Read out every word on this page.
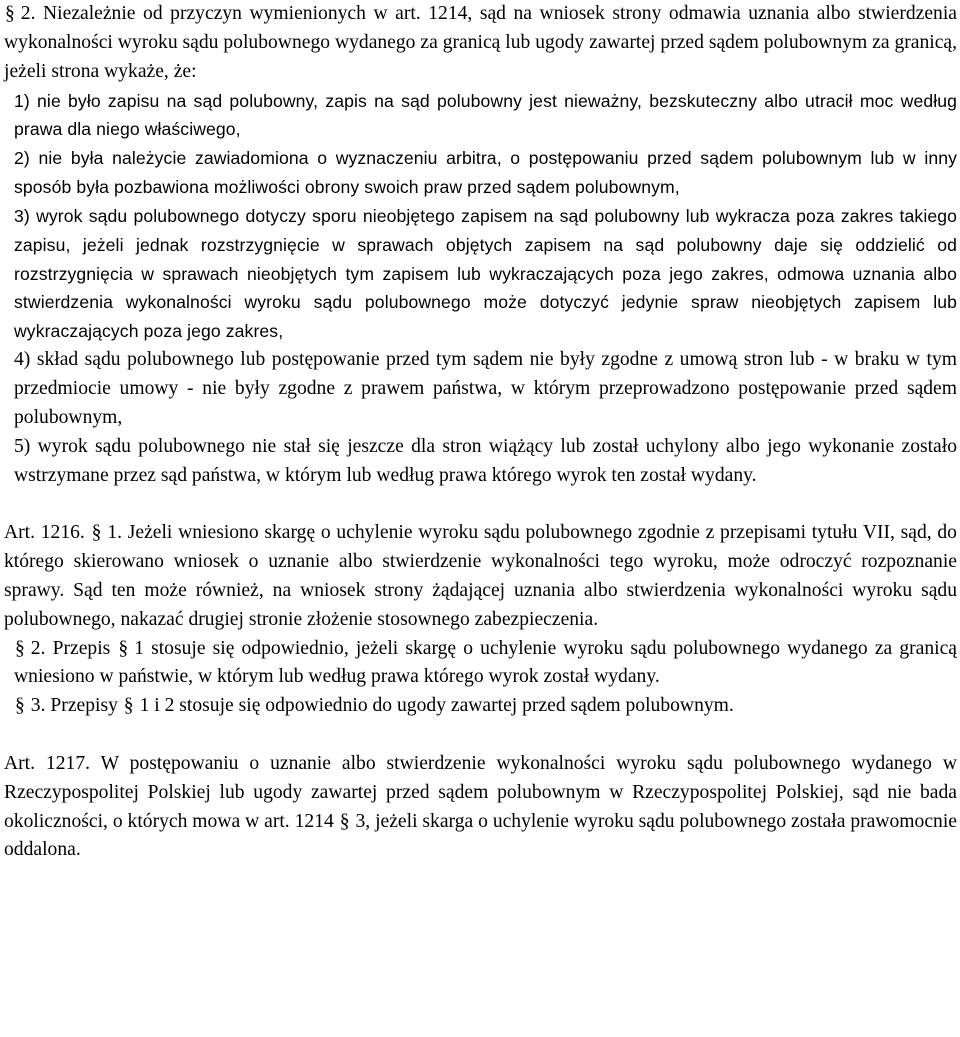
§ 2. Niezależnie od przyczyn wymienionych w art. 1214, sąd na wniosek strony odmawia uznania albo stwierdzenia wykonalności wyroku sądu polubownego wydanego za granicą lub ugody zawartej przed sądem polubownym za granicą, jeżeli strona wykaże, że:
1) nie było zapisu na sąd polubowny, zapis na sąd polubowny jest nieważny, bezskuteczny albo utracił moc według prawa dla niego właściwego,
2) nie była należycie zawiadomiona o wyznaczeniu arbitra, o postępowaniu przed sądem polubownym lub w inny sposób była pozbawiona możliwości obrony swoich praw przed sądem polubownym,
3) wyrok sądu polubownego dotyczy sporu nieobjętego zapisem na sąd polubowny lub wykracza poza zakres takiego zapisu, jeżeli jednak rozstrzygnięcie w sprawach objętych zapisem na sąd polubowny daje się oddzielić od rozstrzygnięcia w sprawach nieobjętych tym zapisem lub wykraczających poza jego zakres, odmowa uznania albo stwierdzenia wykonalności wyroku sądu polubownego może dotyczyć jedynie spraw nieobjętych zapisem lub wykraczających poza jego zakres,
4) skład sądu polubownego lub postępowanie przed tym sądem nie były zgodne z umową stron lub - w braku w tym przedmiocie umowy - nie były zgodne z prawem państwa, w którym przeprowadzono postępowanie przed sądem polubownym,
5) wyrok sądu polubownego nie stał się jeszcze dla stron wiążący lub został uchylony albo jego wykonanie zostało wstrzymane przez sąd państwa, w którym lub według prawa którego wyrok ten został wydany.
Art. 1216. § 1. Jeżeli wniesiono skargę o uchylenie wyroku sądu polubownego zgodnie z przepisami tytułu VII, sąd, do którego skierowano wniosek o uznanie albo stwierdzenie wykonalności tego wyroku, może odroczyć rozpoznanie sprawy. Sąd ten może również, na wniosek strony żądającej uznania albo stwierdzenia wykonalności wyroku sądu polubownego, nakazać drugiej stronie złożenie stosownego zabezpieczenia.
§ 2. Przepis § 1 stosuje się odpowiednio, jeżeli skargę o uchylenie wyroku sądu polubownego wydanego za granicą wniesiono w państwie, w którym lub według prawa którego wyrok został wydany.
§ 3. Przepisy § 1 i 2 stosuje się odpowiednio do ugody zawartej przed sądem polubownym.
Art. 1217. W postępowaniu o uznanie albo stwierdzenie wykonalności wyroku sądu polubownego wydanego w Rzeczypospolitej Polskiej lub ugody zawartej przed sądem polubownym w Rzeczypospolitej Polskiej, sąd nie bada okoliczności, o których mowa w art. 1214 § 3, jeżeli skarga o uchylenie wyroku sądu polubownego została prawomocnie oddalona.
